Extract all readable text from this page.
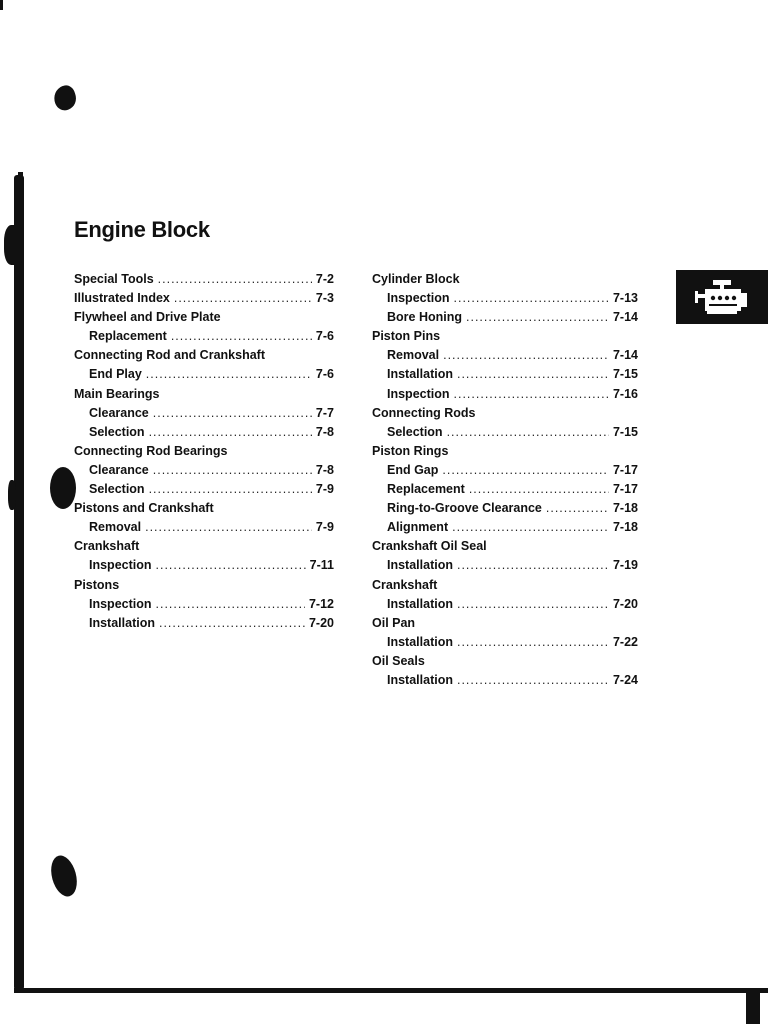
Engine Block
Special Tools .....	7-2
Illustrated Index .....	7-3
Flywheel and Drive Plate
Replacement .....	7-6
Connecting Rod and Crankshaft
End Play .....	7-6
Main Bearings
Clearance .....	7-7
Selection .....	7-8
Connecting Rod Bearings
Clearance .....	7-8
Selection .....	7-9
Pistons and Crankshaft
Removal .....	7-9
Crankshaft
Inspection .....	7-11
Pistons
Inspection .....	7-12
Installation .....	7-20
Cylinder Block
Inspection .....	7-13
Bore Honing .....	7-14
Piston Pins
Removal .....	7-14
Installation .....	7-15
Inspection .....	7-16
Connecting Rods
Selection .....	7-15
Piston Rings
End Gap .....	7-17
Replacement .....	7-17
Ring-to-Groove Clearance .....	7-18
Alignment .....	7-18
Crankshaft Oil Seal
Installation .....	7-19
Crankshaft
Installation .....	7-20
Oil Pan
Installation .....	7-22
Oil Seals
Installation .....	7-24
